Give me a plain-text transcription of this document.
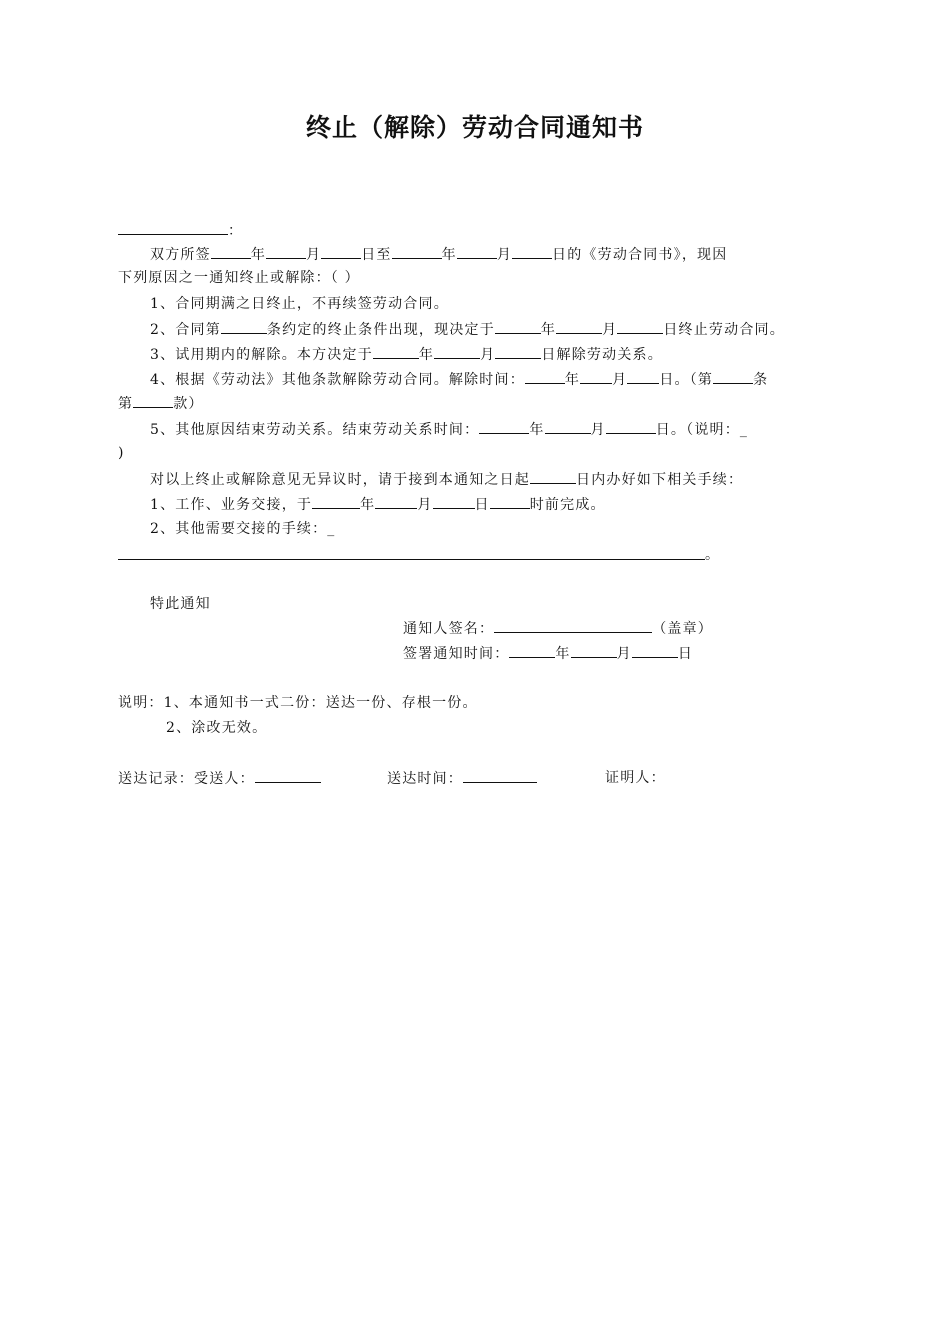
终止（解除）劳动合同通知书
：
双方所签	年	月	日至	年	月	日的《劳动合同书》，现因
下列原因之一通知终止或解除：（ ）
1、合同期满之日终止，不再续签劳动合同。
2、合同第	条约定的终止条件出现，现决定于	年	月	日终止劳动合同。
3、试用期内的解除。本方决定于	年	月	日解除劳动关系。
4、根据《劳动法》其他条款解除劳动合同。解除时间：	年 月 日。（第	条
第	款）
5、其他原因结束劳动关系。结束劳动关系时间：	年	月	日。（说明：_
)
对以上终止或解除意见无异议时，请于接到本通知之日起	日内办好如下相关手续：
1、工作、业务交接，于	年	月	日	时前完成。
2、其他需要交接的手续：_
。
特此通知
通知人签名：	（盖章）
签署通知时间：	年	月	日
说明：1、本通知书一式二份：送达一份、存根一份。
2、涂改无效。
送达记录：受送人：	送达时间：	证明人：
